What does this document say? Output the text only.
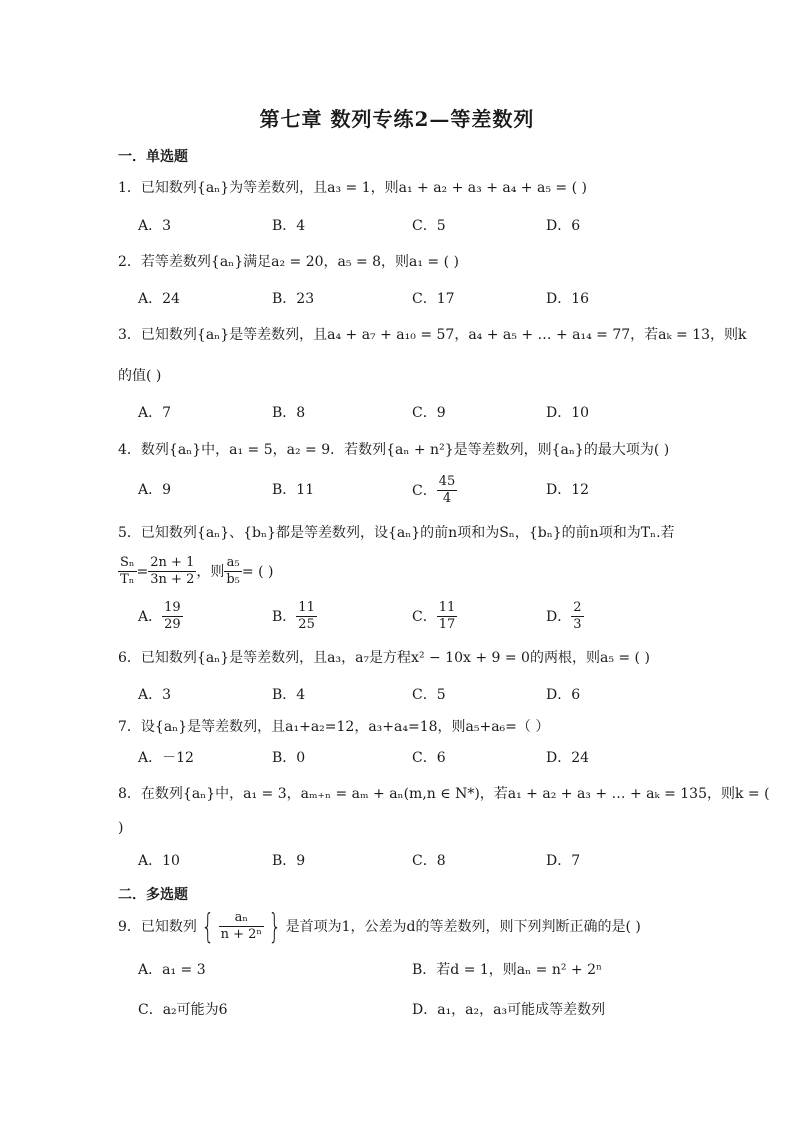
第七章 数列专练2—等差数列
一．单选题
1．已知数列{aₙ}为等差数列，且a₃ = 1，则a₁ + a₂ + a₃ + a₄ + a₅ = ( )
A．3	B．4	C．5	D．6
2．若等差数列{aₙ}满足a₂ = 20，a₅ = 8，则a₁ = ( )
A．24	B．23	C．17	D．16
3．已知数列{aₙ}是等差数列，且a₄ + a₇ + a₁₀ = 57，a₄ + a₅ + … + a₁₄ = 77，若aₖ = 13，则k
的值( )
A．7	B．8	C．9	D．10
4．数列{aₙ}中，a₁ = 5，a₂ = 9．若数列{aₙ + n²}是等差数列，则{aₙ}的最大项为( )
A．9	B．11	C． $\frac{45}{4}$	D．12
5．已知数列{aₙ}、{bₙ}都是等差数列，设{aₙ}的前n项和为Sₙ，{bₙ}的前n项和为Tₙ.若
$\frac{\text{Sₙ}}{\text{Tₙ}} = \frac{2n + 1}{3n + 2}$ ，则 $\frac{\text{a₅}}{\text{b₅}}$ = ( )
A． $\frac{19}{29}$	B． $\frac{11}{25}$	C． $\frac{11}{17}$	D． $\frac{2}{3}$
6．已知数列{aₙ}是等差数列，且a₃，a₇是方程x² − 10x + 9 = 0的两根，则a₅ = ( )
A．3	B．4	C．5	D．6
7．设{aₙ}是等差数列，且a₁+a₂=12，a₃+a₄=18，则a₅+a₆=（ ）
A．－12	B．0	C．6	D．24
8．在数列{aₙ}中，a₁ = 3，aₘ₊ₙ = aₘ + aₙ(m,n ∈ N*)，若a₁ + a₂ + a₃ + … + aₖ = 135，则k = (
)
A．10	B．9	C．8	D．7
二．多选题
9．已知数列 { $\frac{\text{aₙ}}{\text{n + 2ⁿ}}$ } 是首项为1，公差为d的等差数列，则下列判断正确的是( )
A．a₁ = 3	B．若d = 1，则aₙ = n² + 2ⁿ
C．a₂可能为6	D．a₁，a₂，a₃可能成等差数列
